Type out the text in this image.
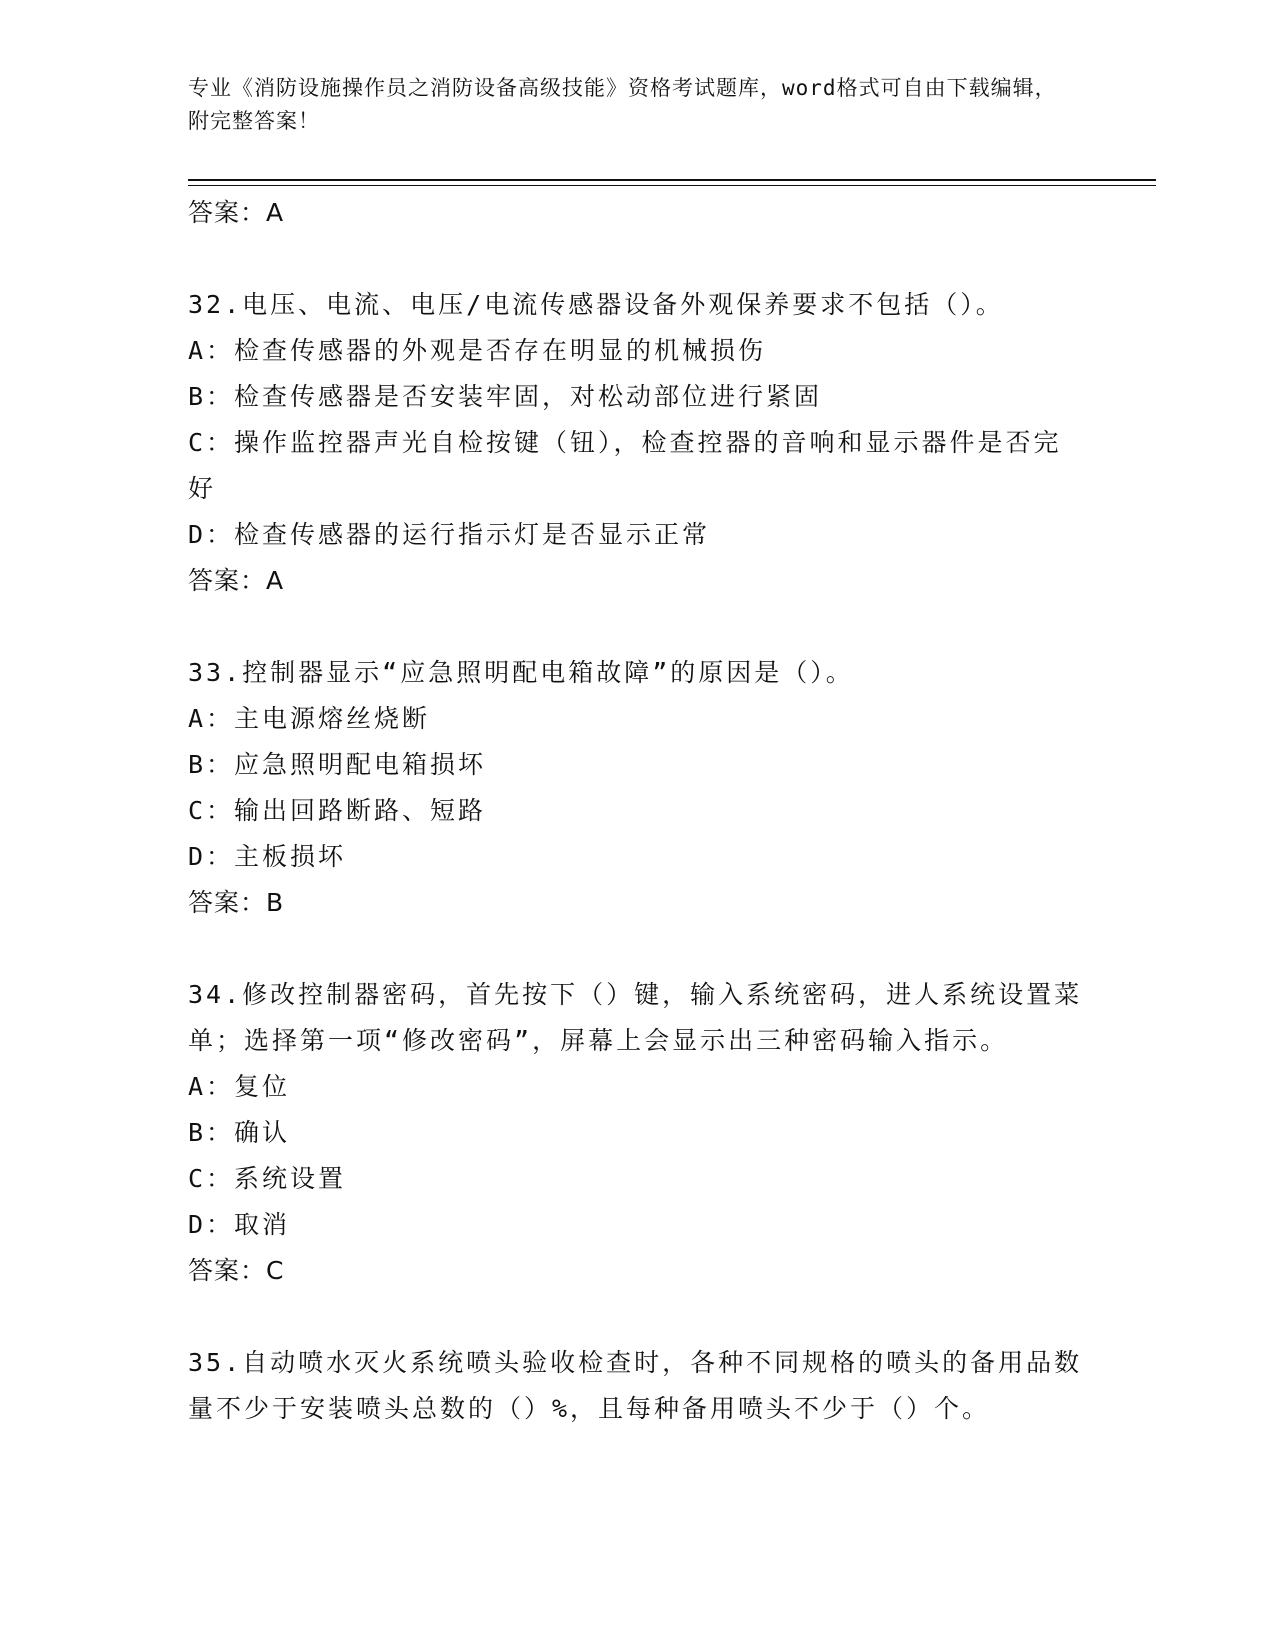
专业《消防设施操作员之消防设备高级技能》资格考试题库，word格式可自由下载编辑，附完整答案！
答案：A
32.电压、电流、电压/电流传感器设备外观保养要求不包括（）。
A：检查传感器的外观是否存在明显的机械损伤
B：检查传感器是否安装牢固，对松动部位进行紧固
C：操作监控器声光自检按键（钮），检查控器的音响和显示器件是否完好
D：检查传感器的运行指示灯是否显示正常
答案：A
33.控制器显示“应急照明配电箱故障”的原因是（）。
A：主电源熔丝烧断
B：应急照明配电箱损坏
C：输出回路断路、短路
D：主板损坏
答案：B
34.修改控制器密码，首先按下（）键，输入系统密码，进人系统设置菜单；选择第一项“修改密码”，屏幕上会显示出三种密码输入指示。
A：复位
B：确认
C：系统设置
D：取消
答案：C
35.自动喷水灭火系统喷头验收检查时，各种不同规格的喷头的备用品数量不少于安装喷头总数的（）%，且每种备用喷头不少于（）个。
